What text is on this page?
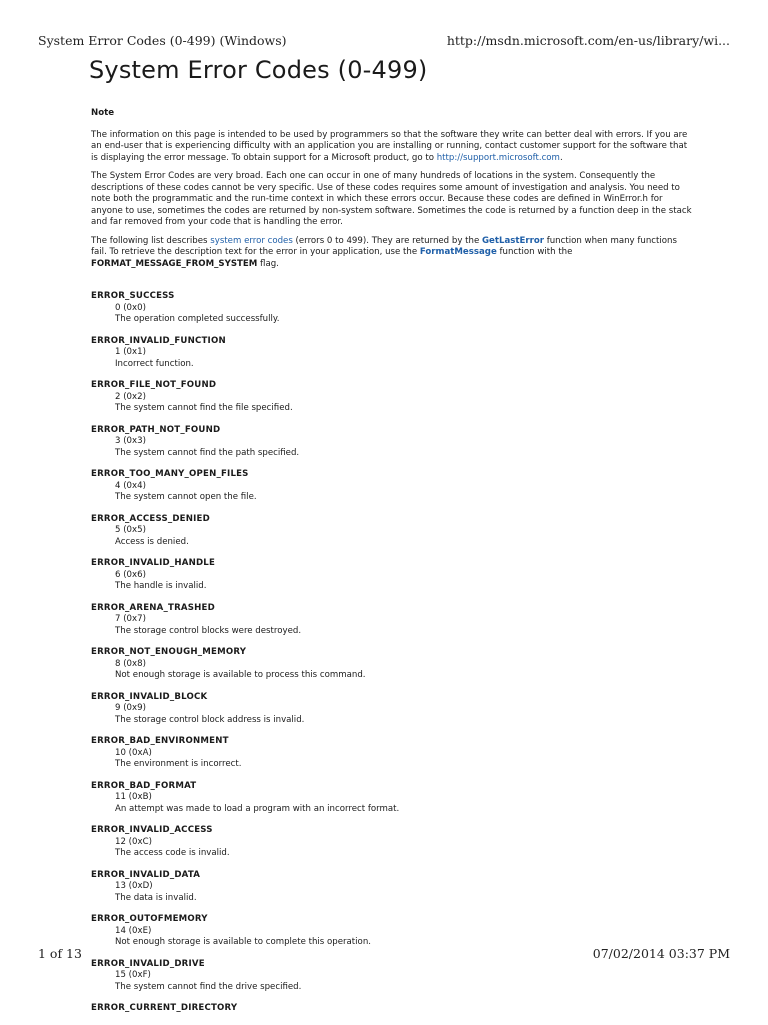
System Error Codes (0-499) (Windows)	http://msdn.microsoft.com/en-us/library/wi...
System Error Codes (0-499)
Note

The information on this page is intended to be used by programmers so that the software they write can better deal with errors. If you are an end-user that is experiencing difficulty with an application you are installing or running, contact customer support for the software that is displaying the error message. To obtain support for a Microsoft product, go to http://support.microsoft.com.

The System Error Codes are very broad. Each one can occur in one of many hundreds of locations in the system. Consequently the descriptions of these codes cannot be very specific. Use of these codes requires some amount of investigation and analysis. You need to note both the programmatic and the run-time context in which these errors occur. Because these codes are defined in WinError.h for anyone to use, sometimes the codes are returned by non-system software. Sometimes the code is returned by a function deep in the stack and far removed from your code that is handling the error.

The following list describes system error codes (errors 0 to 499). They are returned by the GetLastError function when many functions fail. To retrieve the description text for the error in your application, use the FormatMessage function with the FORMAT_MESSAGE_FROM_SYSTEM flag.

ERROR_SUCCESS
0 (0x0)
The operation completed successfully.
ERROR_INVALID_FUNCTION
1 (0x1)
Incorrect function.
ERROR_FILE_NOT_FOUND
2 (0x2)
The system cannot find the file specified.
ERROR_PATH_NOT_FOUND
3 (0x3)
The system cannot find the path specified.
ERROR_TOO_MANY_OPEN_FILES
4 (0x4)
The system cannot open the file.
ERROR_ACCESS_DENIED
5 (0x5)
Access is denied.
ERROR_INVALID_HANDLE
6 (0x6)
The handle is invalid.
ERROR_ARENA_TRASHED
7 (0x7)
The storage control blocks were destroyed.
ERROR_NOT_ENOUGH_MEMORY
8 (0x8)
Not enough storage is available to process this command.
ERROR_INVALID_BLOCK
9 (0x9)
The storage control block address is invalid.
ERROR_BAD_ENVIRONMENT
10 (0xA)
The environment is incorrect.
ERROR_BAD_FORMAT
11 (0xB)
An attempt was made to load a program with an incorrect format.
ERROR_INVALID_ACCESS
12 (0xC)
The access code is invalid.
ERROR_INVALID_DATA
13 (0xD)
The data is invalid.
ERROR_OUTOFMEMORY
14 (0xE)
Not enough storage is available to complete this operation.
ERROR_INVALID_DRIVE
15 (0xF)
The system cannot find the drive specified.
ERROR_CURRENT_DIRECTORY
1 of 13	07/02/2014 03:37 PM
